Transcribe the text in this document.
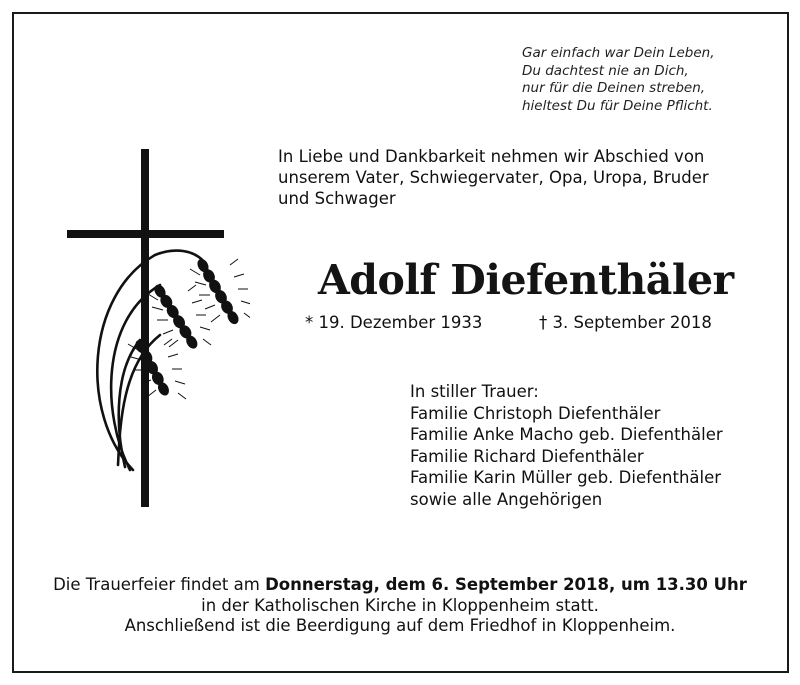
Gar einfach war Dein Leben,
Du dachtest nie an Dich,
nur für die Deinen streben,
hieltest Du für Deine Pflicht.
In Liebe und Dankbarkeit nehmen wir Abschied von
unserem Vater, Schwiegervater, Opa, Uropa, Bruder
und Schwager
Adolf Diefenthäler
* 19. Dezember 1933	† 3. September 2018
In stiller Trauer:
Familie Christoph Diefenthäler
Familie Anke Macho geb. Diefenthäler
Familie Richard Diefenthäler
Familie Karin Müller geb. Diefenthäler
sowie alle Angehörigen
Die Trauerfeier findet am Donnerstag, dem 6. September 2018, um 13.30 Uhr
in der Katholischen Kirche in Kloppenheim statt.
Anschließend ist die Beerdigung auf dem Friedhof in Kloppenheim.
